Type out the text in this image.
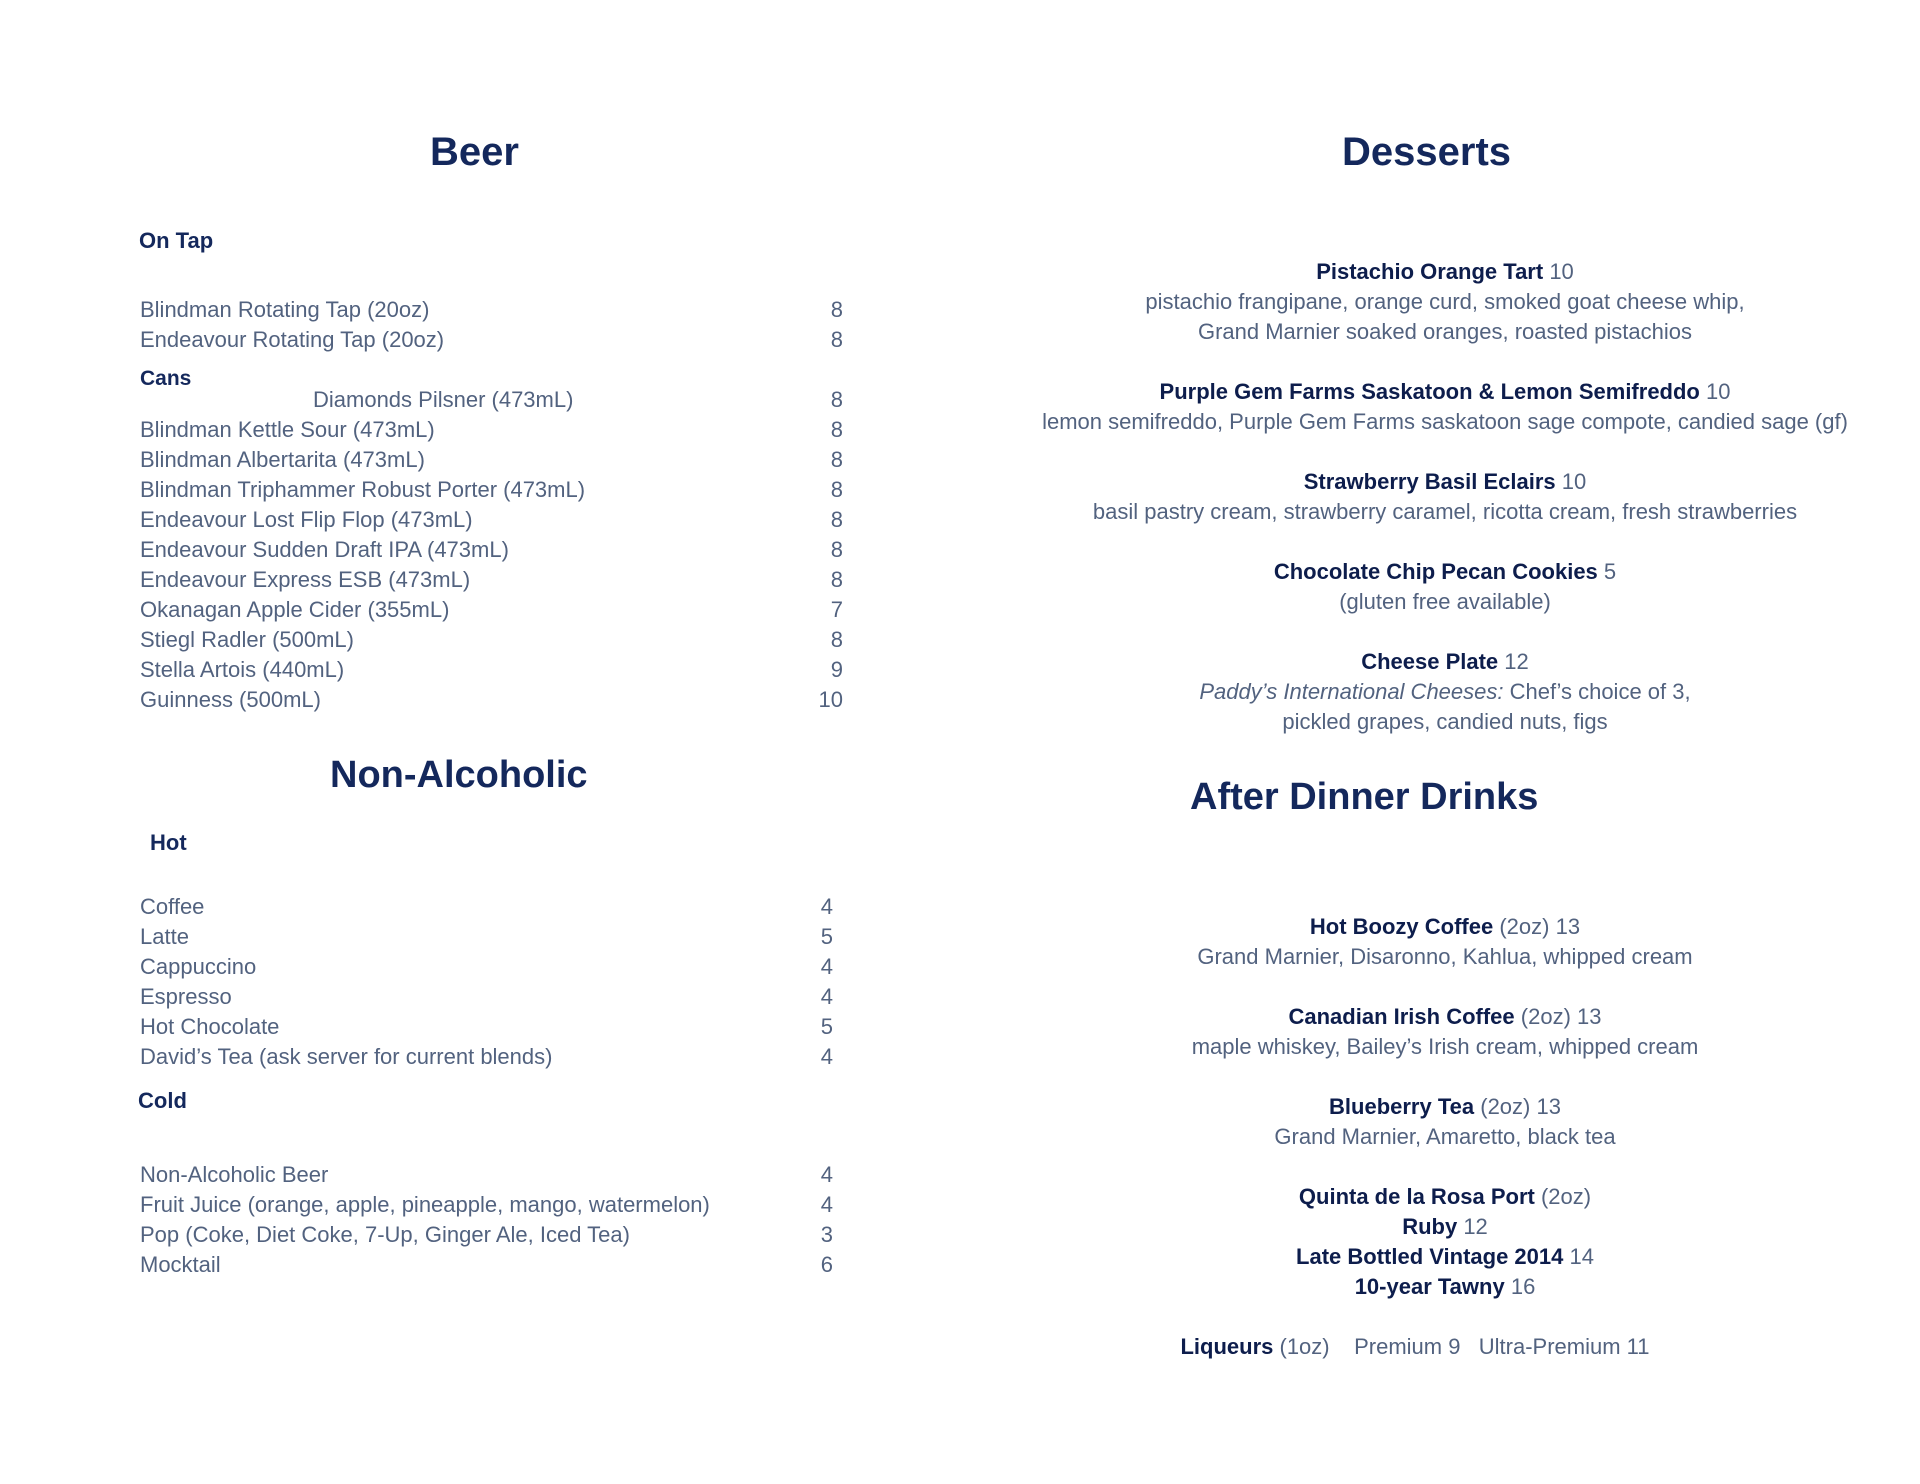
Beer
On Tap
Blindman Rotating Tap (20oz)
Endeavour Rotating Tap (20oz)
8
8
Cans
Diamonds Pilsner (473mL)
Blindman Kettle Sour (473mL)
Blindman Albertarita (473mL)
Blindman Triphammer Robust Porter (473mL)
Endeavour Lost Flip Flop (473mL)
Endeavour Sudden Draft IPA (473mL)
Endeavour Express ESB (473mL)
Okanagan Apple Cider (355mL)
Stiegl Radler (500mL)
Stella Artois (440mL)
Guinness (500mL)
8
8
8
8
8
8
8
7
8
9
10
Non-Alcoholic
Hot
Coffee
Latte
Cappuccino
Espresso
Hot Chocolate
David’s Tea (ask server for current blends)
4
5
4
4
5
4
Cold
Non-Alcoholic Beer
Fruit Juice (orange, apple, pineapple, mango, watermelon)
Pop (Coke, Diet Coke, 7-Up, Ginger Ale, Iced Tea)
Mocktail
4
4
3
6
Desserts
Pistachio Orange Tart 10
pistachio frangipane, orange curd, smoked goat cheese whip,
Grand Marnier soaked oranges, roasted pistachios
Purple Gem Farms Saskatoon & Lemon Semifreddo 10
lemon semifreddo, Purple Gem Farms saskatoon sage compote, candied sage (gf)
Strawberry Basil Eclairs 10
basil pastry cream, strawberry caramel, ricotta cream, fresh strawberries
Chocolate Chip Pecan Cookies 5
(gluten free available)
Cheese Plate 12
Paddy’s International Cheeses: Chef’s choice of 3,
pickled grapes, candied nuts, figs
After Dinner Drinks
Hot Boozy Coffee (2oz) 13
Grand Marnier, Disaronno, Kahlua, whipped cream
Canadian Irish Coffee (2oz) 13
maple whiskey, Bailey’s Irish cream, whipped cream
Blueberry Tea (2oz) 13
Grand Marnier, Amaretto, black tea
Quinta de la Rosa Port (2oz)
Ruby 12
Late Bottled Vintage 2014 14
10-year Tawny 16
Liqueurs (1oz) Premium 9 Ultra-Premium 11
